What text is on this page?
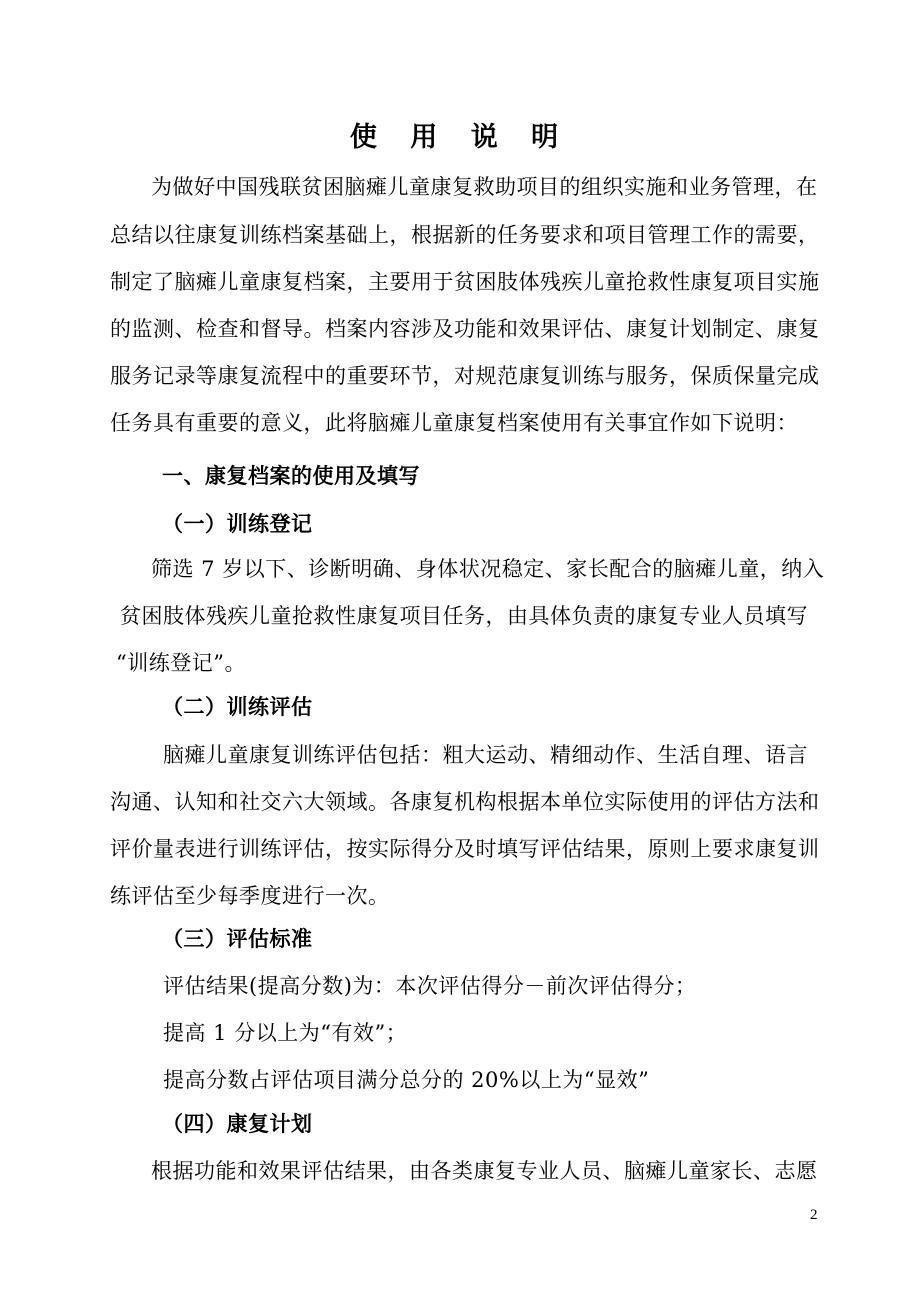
使 用 说 明
为做好中国残联贫困脑瘫儿童康复救助项目的组织实施和业务管理，在
总结以往康复训练档案基础上，根据新的任务要求和项目管理工作的需要，
制定了脑瘫儿童康复档案，主要用于贫困肢体残疾儿童抢救性康复项目实施
的监测、检查和督导。档案内容涉及功能和效果评估、康复计划制定、康复
服务记录等康复流程中的重要环节，对规范康复训练与服务，保质保量完成
任务具有重要的意义，此将脑瘫儿童康复档案使用有关事宜作如下说明：
一、康复档案的使用及填写
（一）训练登记
筛选 7 岁以下、诊断明确、身体状况稳定、家长配合的脑瘫儿童，纳入
贫困肢体残疾儿童抢救性康复项目任务，由具体负责的康复专业人员填写
“训练登记”。
（二）训练评估
脑瘫儿童康复训练评估包括：粗大运动、精细动作、生活自理、语言
沟通、认知和社交六大领域。各康复机构根据本单位实际使用的评估方法和
评价量表进行训练评估，按实际得分及时填写评估结果，原则上要求康复训
练评估至少每季度进行一次。
（三）评估标准
评估结果(提高分数)为：本次评估得分－前次评估得分；
提高 1 分以上为“有效”；
提高分数占评估项目满分总分的 20%以上为“显效”
（四）康复计划
根据功能和效果评估结果，由各类康复专业人员、脑瘫儿童家长、志愿
2
